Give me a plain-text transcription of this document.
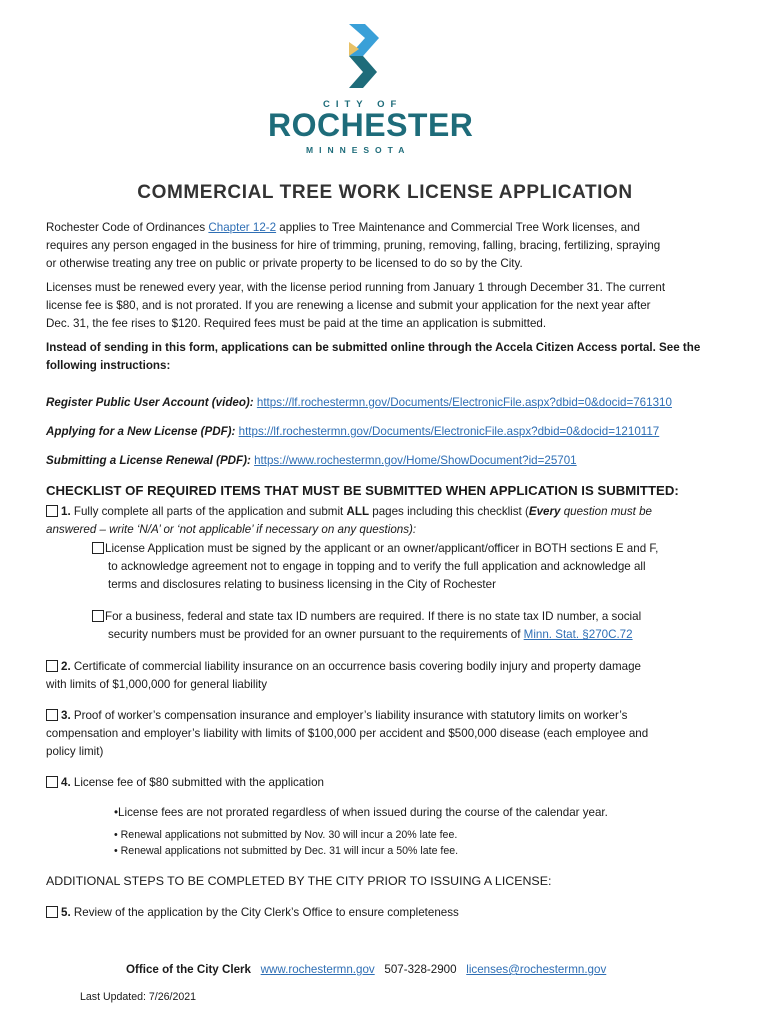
CITY OF
ROCHESTER
MINNESOTA
COMMERCIAL TREE WORK LICENSE APPLICATION
Rochester Code of Ordinances Chapter 12-2 applies to Tree Maintenance and Commercial Tree Work licenses, and
requires any person engaged in the business for hire of trimming, pruning, removing, falling, bracing, fertilizing, spraying
or otherwise treating any tree on public or private property to be licensed to do so by the City.
Licenses must be renewed every year, with the license period running from January 1 through December 31. The current
license fee is $80, and is not prorated. If you are renewing a license and submit your application for the next year after
Dec. 31, the fee rises to $120. Required fees must be paid at the time an application is submitted.
Instead of sending in this form, applications can be submitted online through the Accela Citizen Access portal. See the
following instructions:
Register Public User Account (video): https://lf.rochestermn.gov/Documents/ElectronicFile.aspx?dbid=0&docid=761310
Applying for a New License (PDF): https://lf.rochestermn.gov/Documents/ElectronicFile.aspx?dbid=0&docid=1210117
Submitting a License Renewal (PDF): https://www.rochestermn.gov/Home/ShowDocument?id=25701
CHECKLIST OF REQUIRED ITEMS THAT MUST BE SUBMITTED WHEN APPLICATION IS SUBMITTED:
1. Fully complete all parts of the application and submit ALL pages including this checklist (Every question must be
answered – write ‘N/A’ or ‘not applicable’ if necessary on any questions):
License Application must be signed by the applicant or an owner/applicant/officer in BOTH sections E and F,
to acknowledge agreement not to engage in topping and to verify the full application and acknowledge all
terms and disclosures relating to business licensing in the City of Rochester
For a business, federal and state tax ID numbers are required. If there is no state tax ID number, a social
security numbers must be provided for an owner pursuant to the requirements of Minn. Stat. §270C.72
2. Certificate of commercial liability insurance on an occurrence basis covering bodily injury and property damage
with limits of $1,000,000 for general liability
3. Proof of worker’s compensation insurance and employer’s liability insurance with statutory limits on worker’s
compensation and employer’s liability with limits of $100,000 per accident and $500,000 disease (each employee and
policy limit)
4. License fee of $80 submitted with the application
•License fees are not prorated regardless of when issued during the course of the calendar year.
• Renewal applications not submitted by Nov. 30 will incur a 20% late fee.
• Renewal applications not submitted by Dec. 31 will incur a 50% late fee.
ADDITIONAL STEPS TO BE COMPLETED BY THE CITY PRIOR TO ISSUING A LICENSE:
5. Review of the application by the City Clerk’s Office to ensure completeness
Office of the City Clerk www.rochestermn.gov 507-328-2900 licenses@rochestermn.gov
Last Updated: 7/26/2021
